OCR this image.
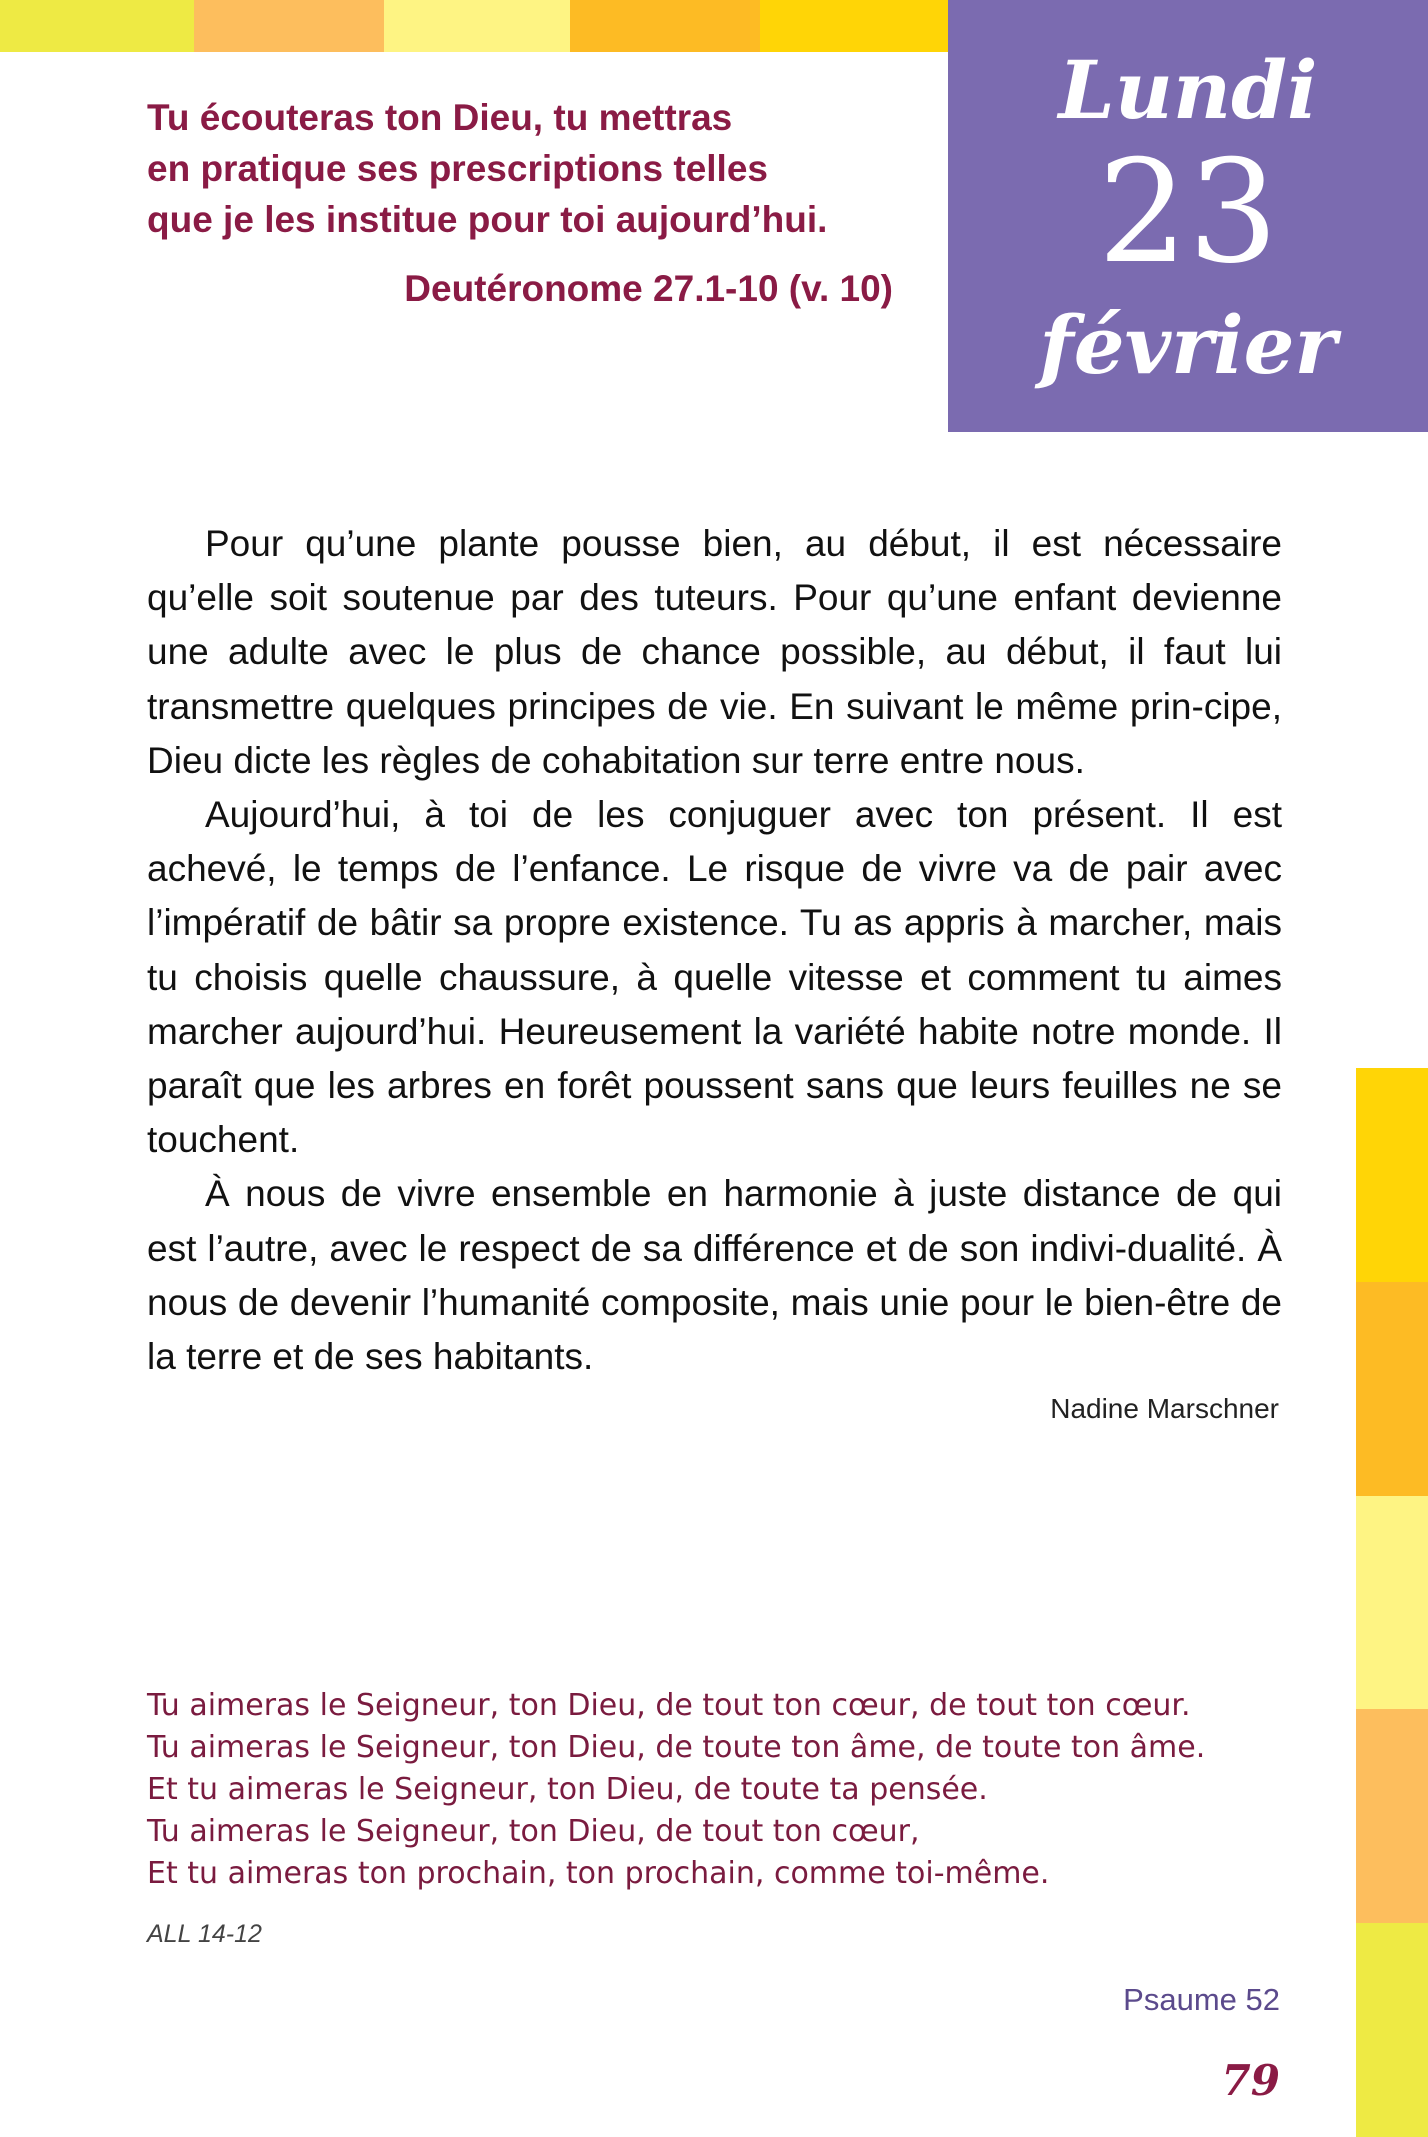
Lundi
23
février
Tu écouteras ton Dieu, tu mettras
en pratique ses prescriptions telles
que je les institue pour toi aujourd’hui.
Deutéronome 27.1-10 (v. 10)

Pour qu’une plante pousse bien, au début, il est nécessaire qu’elle soit soutenue par des tuteurs. Pour qu’une enfant devienne une adulte avec le plus de chance possible, au début, il faut lui transmettre quelques principes de vie. En suivant le même prin-cipe, Dieu dicte les règles de cohabitation sur terre entre nous.

Aujourd’hui, à toi de les conjuguer avec ton présent. Il est achevé, le temps de l’enfance. Le risque de vivre va de pair avec l’impératif de bâtir sa propre existence. Tu as appris à marcher, mais tu choisis quelle chaussure, à quelle vitesse et comment tu aimes marcher aujourd’hui. Heureusement la variété habite notre monde. Il paraît que les arbres en forêt poussent sans que leurs feuilles ne se touchent.

À nous de vivre ensemble en harmonie à juste distance de qui est l’autre, avec le respect de sa différence et de son indivi-dualité. À nous de devenir l’humanité composite, mais unie pour le bien-être de la terre et de ses habitants.

Nadine Marschner
Tu aimeras le Seigneur, ton Dieu, de tout ton cœur, de tout ton cœur.
Tu aimeras le Seigneur, ton Dieu, de toute ton âme, de toute ton âme.
Et tu aimeras le Seigneur, ton Dieu, de toute ta pensée.
Tu aimeras le Seigneur, ton Dieu, de tout ton cœur,
Et tu aimeras ton prochain, ton prochain, comme toi-même.
ALL 14-12
Psaume 52
79
